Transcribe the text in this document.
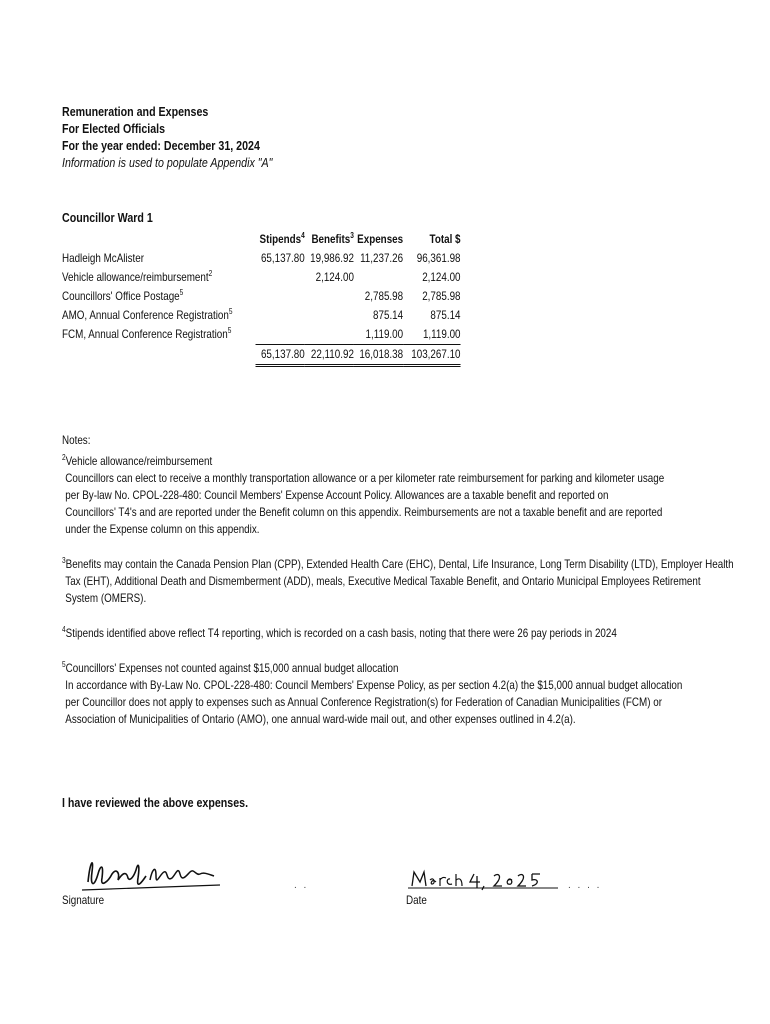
Remuneration and Expenses
For Elected Officials
For the year ended: December 31, 2024
Information is used to populate Appendix "A"
Councillor Ward 1
	Stipends$^4$	Benefits$^3$	Expenses	Total $
Hadleigh McAlister	65,137.80	19,986.92	11,237.26	96,361.98
Vehicle allowance/reimbursement$^2$		2,124.00		2,124.00
Councillors' Office Postage$^5$			2,785.98	2,785.98
AMO, Annual Conference Registration$^5$			875.14	875.14
FCM, Annual Conference Registration$^5$			1,119.00	1,119.00
	65,137.80	22,110.92	16,018.38	103,267.10

Notes:

$^2$Vehicle allowance/reimbursement

Councillors can elect to receive a monthly transportation allowance or a per kilometer rate reimbursement for parking and kilometer usage

per By-law No. CPOL-228-480: Council Members' Expense Account Policy. Allowances are a taxable benefit and reported on

Councillors' T4's and are reported under the Benefit column on this appendix. Reimbursements are not a taxable benefit and are reported

under the Expense column on this appendix.

$^3$Benefits may contain the Canada Pension Plan (CPP), Extended Health Care (EHC), Dental, Life Insurance, Long Term Disability (LTD), Employer Health

Tax (EHT), Additional Death and Dismemberment (ADD), meals, Executive Medical Taxable Benefit, and Ontario Municipal Employees Retirement

System (OMERS).

$^4$Stipends identified above reflect T4 reporting, which is recorded on a cash basis, noting that there were 26 pay periods in 2024

$^5$Councillors' Expenses not counted against $15,000 annual budget allocation

In accordance with By-Law No. CPOL-228-480: Council Members' Expense Policy, as per section 4.2(a) the $15,000 annual budget allocation

per Councillor does not apply to expenses such as Annual Conference Registration(s) for Federation of Canadian Municipalities (FCM) or

Association of Municipalities of Ontario (AMO), one annual ward-wide mail out, and other expenses outlined in 4.2(a).

I have reviewed the above expenses.
. .	. . . .
Signature	Date
